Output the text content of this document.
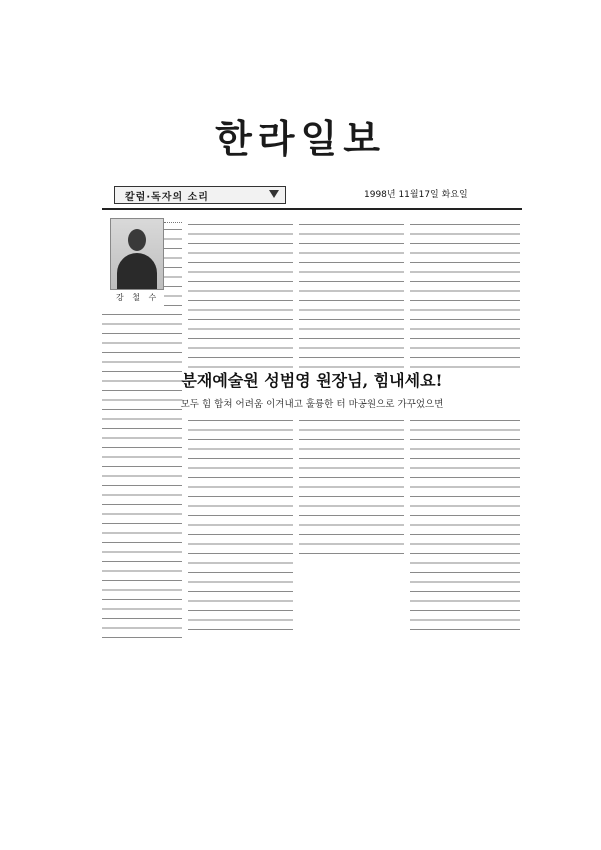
한라일보
칼럼·독자의 소리	1998년 11월17일 화요일
강 철 수
분재예술원 성범영 원장님, 힘내세요!
모두 힘 합쳐 어려움 이겨내고 훌륭한 터 마공원으로 가꾸었으면
